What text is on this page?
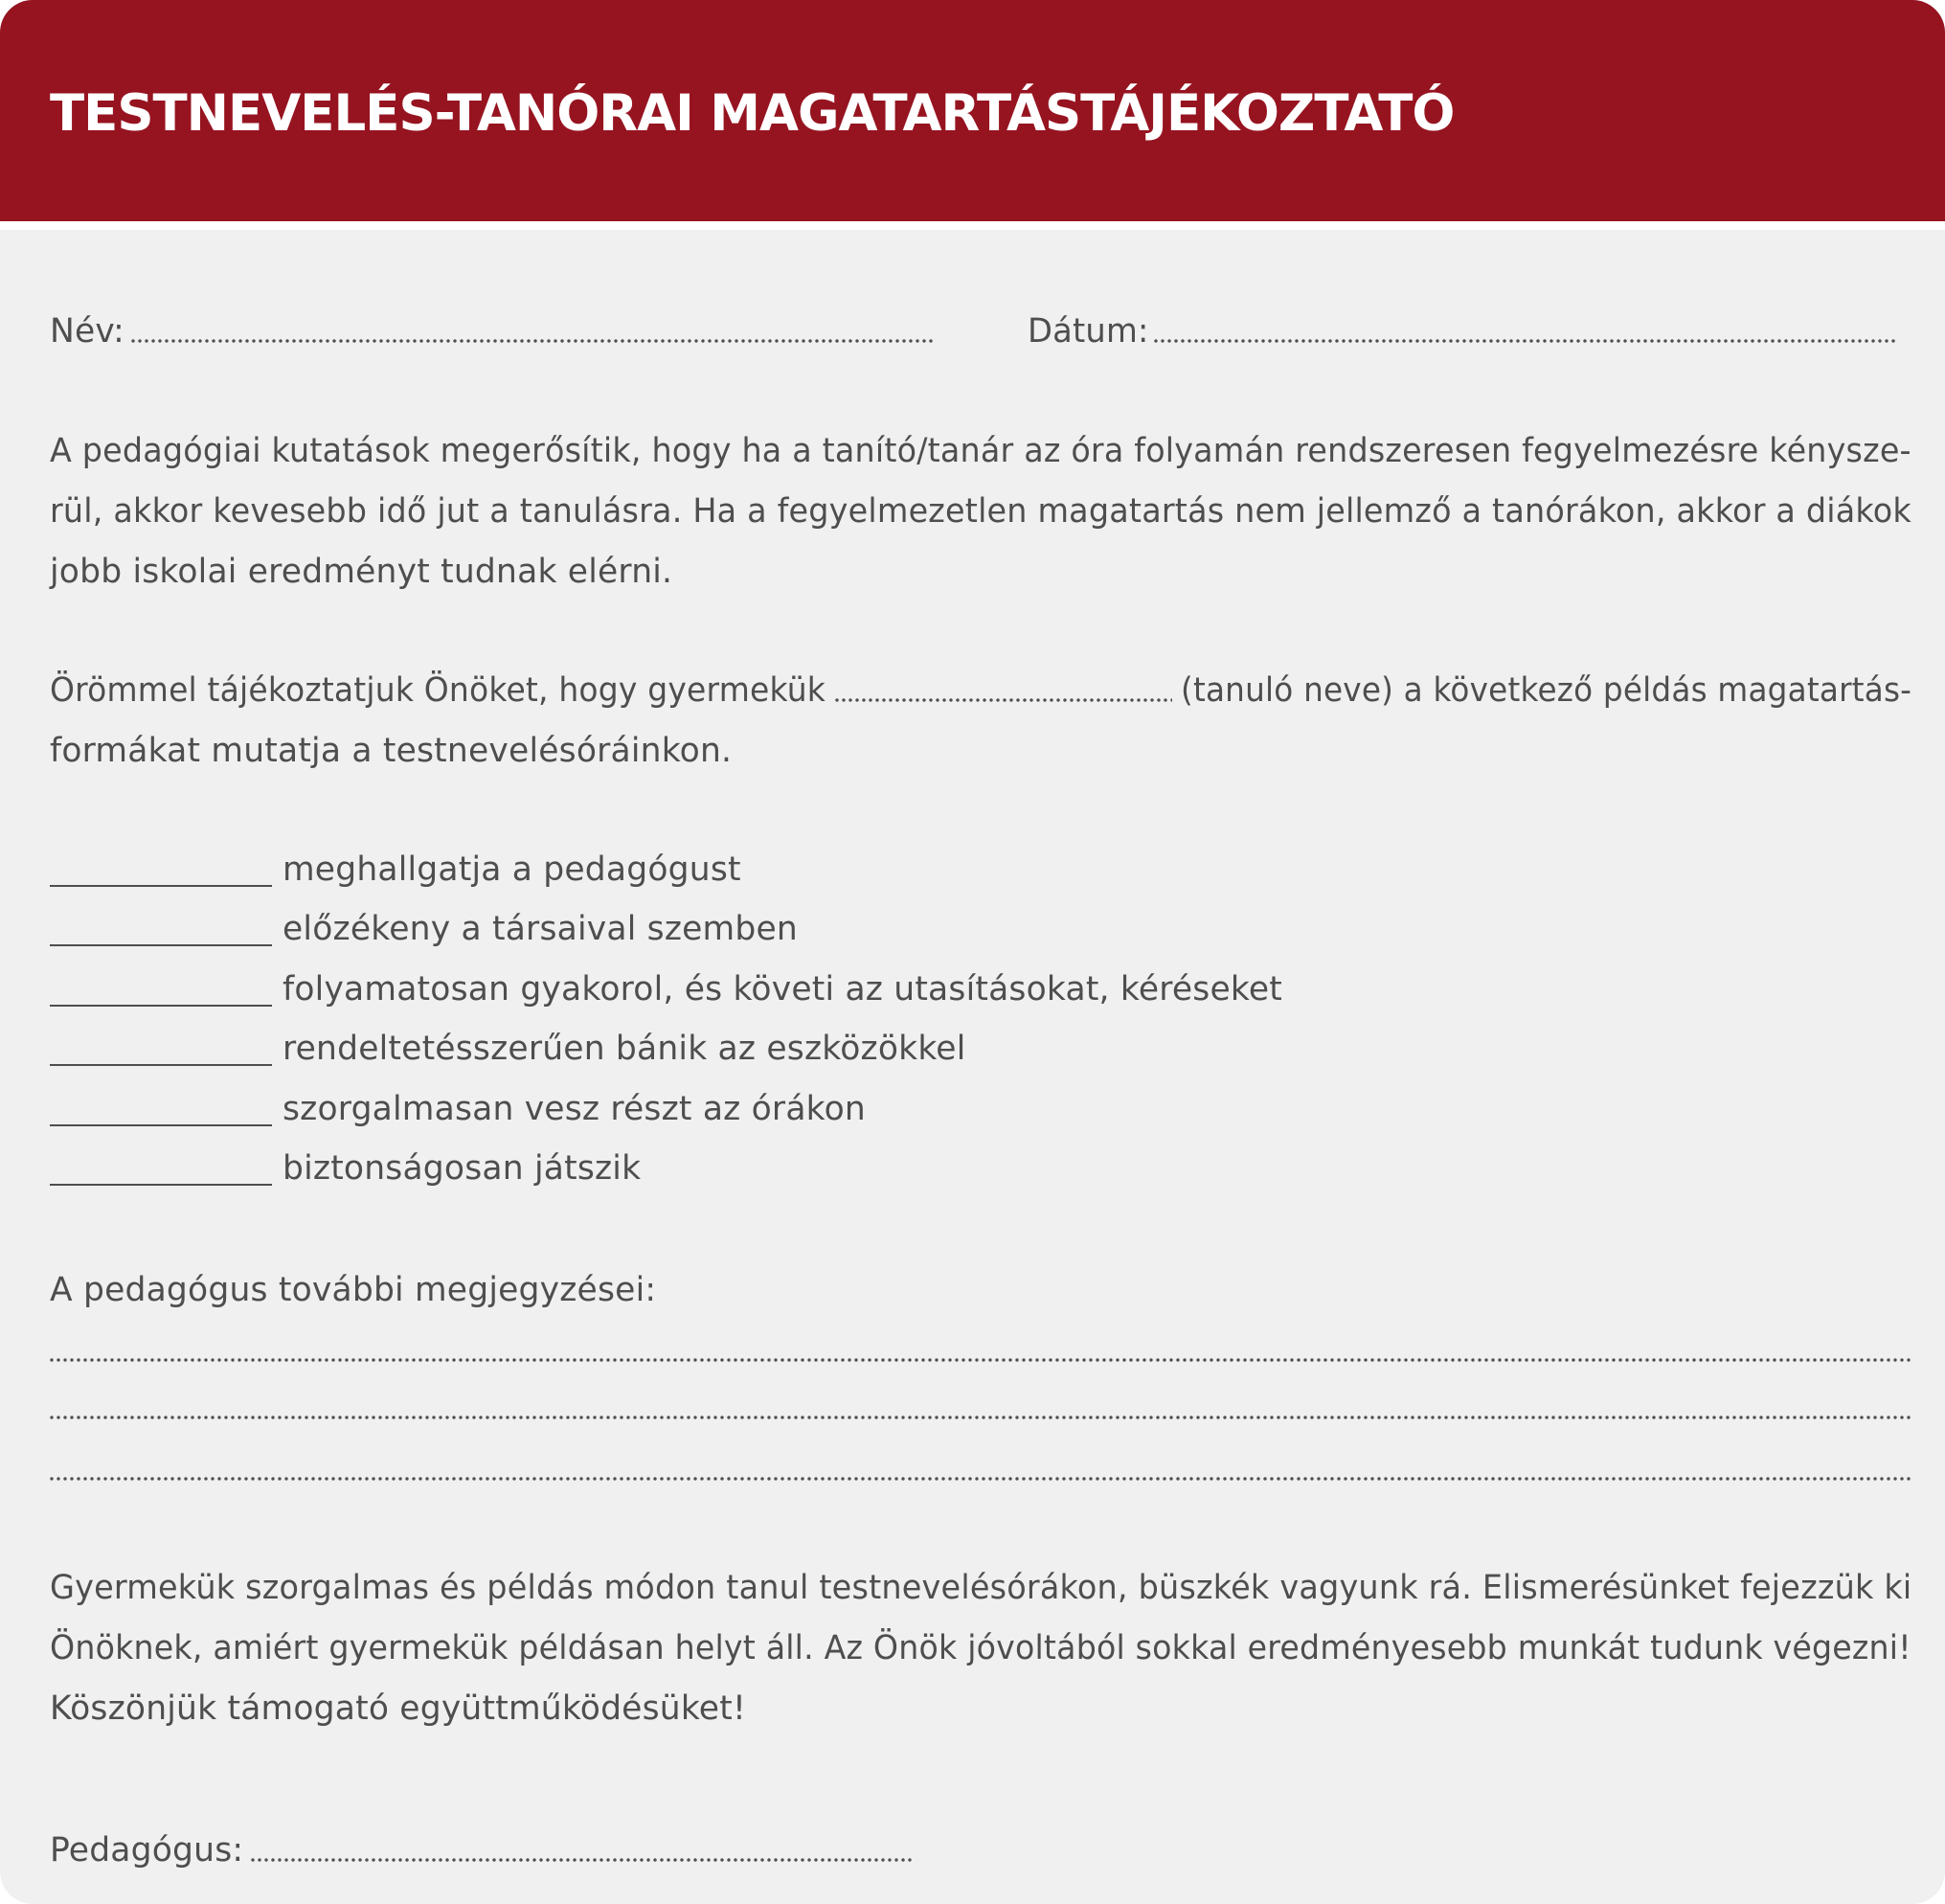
TESTNEVELÉS-TANÓRAI MAGATARTÁSTÁJÉKOZTATÓ

Név:	Dátum:

A pedagógiai kutatások megerősítik, hogy ha a tanító/tanár az óra folyamán rendszeresen fegyelmezésre kénysze-

rül, akkor kevesebb idő jut a tanulásra. Ha a fegyelmezetlen magatartás nem jellemző a tanórákon, akkor a diákok

jobb iskolai eredményt tudnak elérni.

Örömmel tájékoztatjuk Önöket, hogy gyermekük	(tanuló neve) a következő példás magatartás-

formákat mutatja a testnevelésóráinkon.

meghallgatja a pedagógust

előzékeny a társaival szemben

folyamatosan gyakorol, és követi az utasításokat, kéréseket

rendeltetésszerűen bánik az eszközökkel

szorgalmasan vesz részt az órákon

biztonságosan játszik

A pedagógus további megjegyzései:

Gyermekük szorgalmas és példás módon tanul testnevelésórákon, büszkék vagyunk rá. Elismerésünket fejezzük ki

Önöknek, amiért gyermekük példásan helyt áll. Az Önök jóvoltából sokkal eredményesebb munkát tudunk végezni!

Köszönjük támogató együttműködésüket!

Pedagógus:
